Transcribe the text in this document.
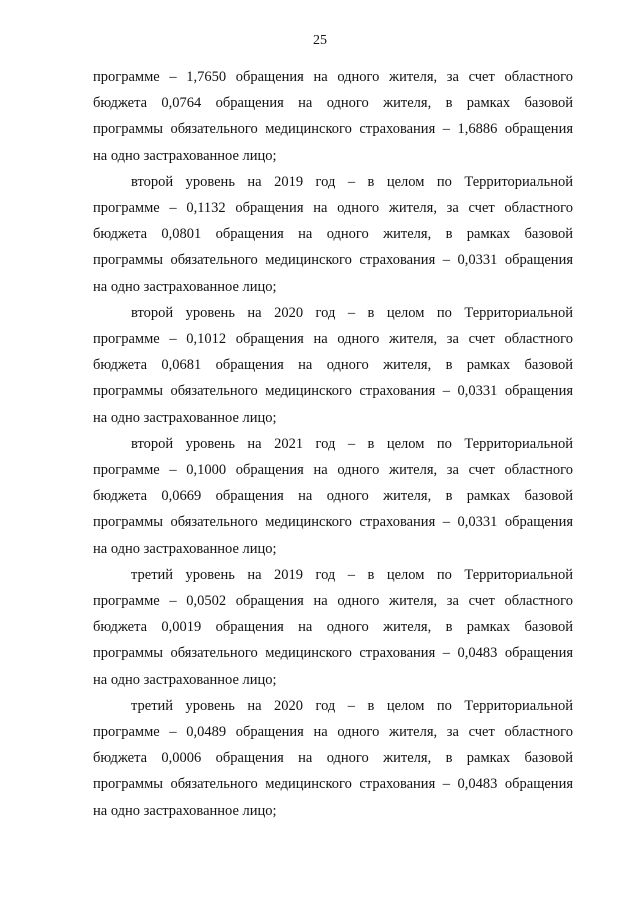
25

программе – 1,7650 обращения на одного жителя, за счет областного
бюджета 0,0764 обращения на одного жителя, в рамках базовой
программы обязательного медицинского страхования – 1,6886 обращения
на одно застрахованное лицо;

второй уровень на 2019 год – в целом по Территориальной
программе – 0,1132 обращения на одного жителя, за счет областного
бюджета 0,0801 обращения на одного жителя, в рамках базовой
программы обязательного медицинского страхования – 0,0331 обращения
на одно застрахованное лицо;

второй уровень на 2020 год – в целом по Территориальной
программе – 0,1012 обращения на одного жителя, за счет областного
бюджета 0,0681 обращения на одного жителя, в рамках базовой
программы обязательного медицинского страхования – 0,0331 обращения
на одно застрахованное лицо;

второй уровень на 2021 год – в целом по Территориальной
программе – 0,1000 обращения на одного жителя, за счет областного
бюджета 0,0669 обращения на одного жителя, в рамках базовой
программы обязательного медицинского страхования – 0,0331 обращения
на одно застрахованное лицо;

третий уровень на 2019 год – в целом по Территориальной
программе – 0,0502 обращения на одного жителя, за счет областного
бюджета 0,0019 обращения на одного жителя, в рамках базовой
программы обязательного медицинского страхования – 0,0483 обращения
на одно застрахованное лицо;

третий уровень на 2020 год – в целом по Территориальной
программе – 0,0489 обращения на одного жителя, за счет областного
бюджета 0,0006 обращения на одного жителя, в рамках базовой
программы обязательного медицинского страхования – 0,0483 обращения
на одно застрахованное лицо;
